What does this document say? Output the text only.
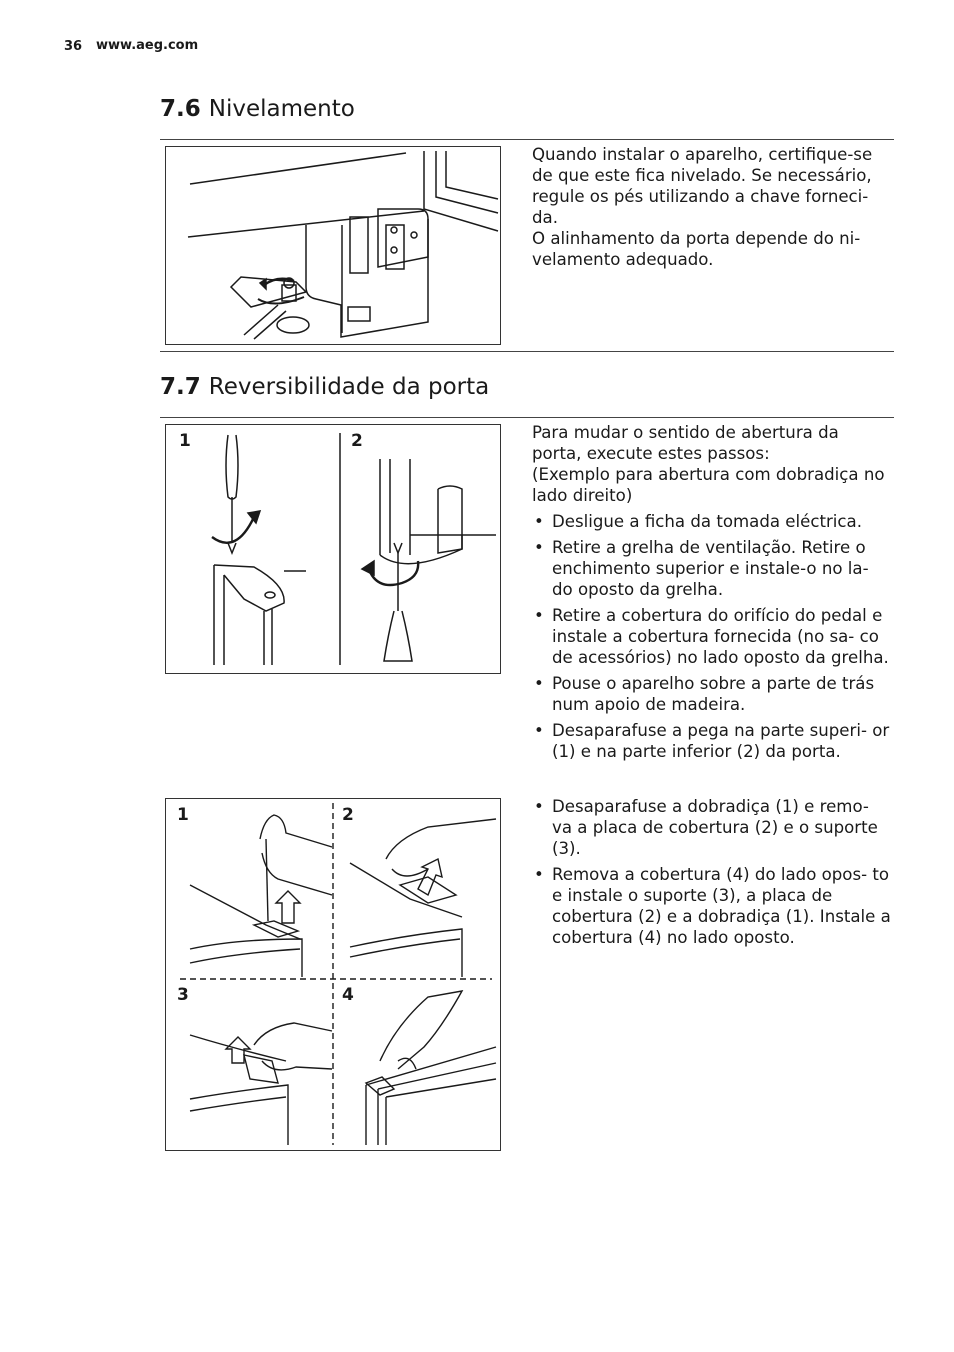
36 www.aeg.com
7.6 Nivelamento

Quando instalar o aparelho, certifique-se de que este fica nivelado. Se necessário, regule os pés utilizando a chave forneci- da.

O alinhamento da porta depende do ni- velamento adequado.

7.7 Reversibilidade da porta
1	2	Para mudar o sentido de abertura da porta, execute estes passos:

(Exemplo para abertura com dobradiça no lado direito)

• Desligue a ficha da tomada eléctrica.
• Retire a grelha de ventilação. Retire o enchimento superior e instale-o no la- do oposto da grelha.
• Retire a cobertura do orifício do pedal e instale a cobertura fornecida (no sa- co de acessórios) no lado oposto da grelha.
• Pouse o aparelho sobre a parte de trás num apoio de madeira.
• Desaparafuse a pega na parte superi- or (1) e na parte inferior (2) da porta.
1	2
3	4
• Desaparafuse a dobradiça (1) e remo- va a placa de cobertura (2) e o suporte (3).
• Remova a cobertura (4) do lado opos- to e instale o suporte (3), a placa de cobertura (2) e a dobradiça (1). Instale a cobertura (4) no lado oposto.
